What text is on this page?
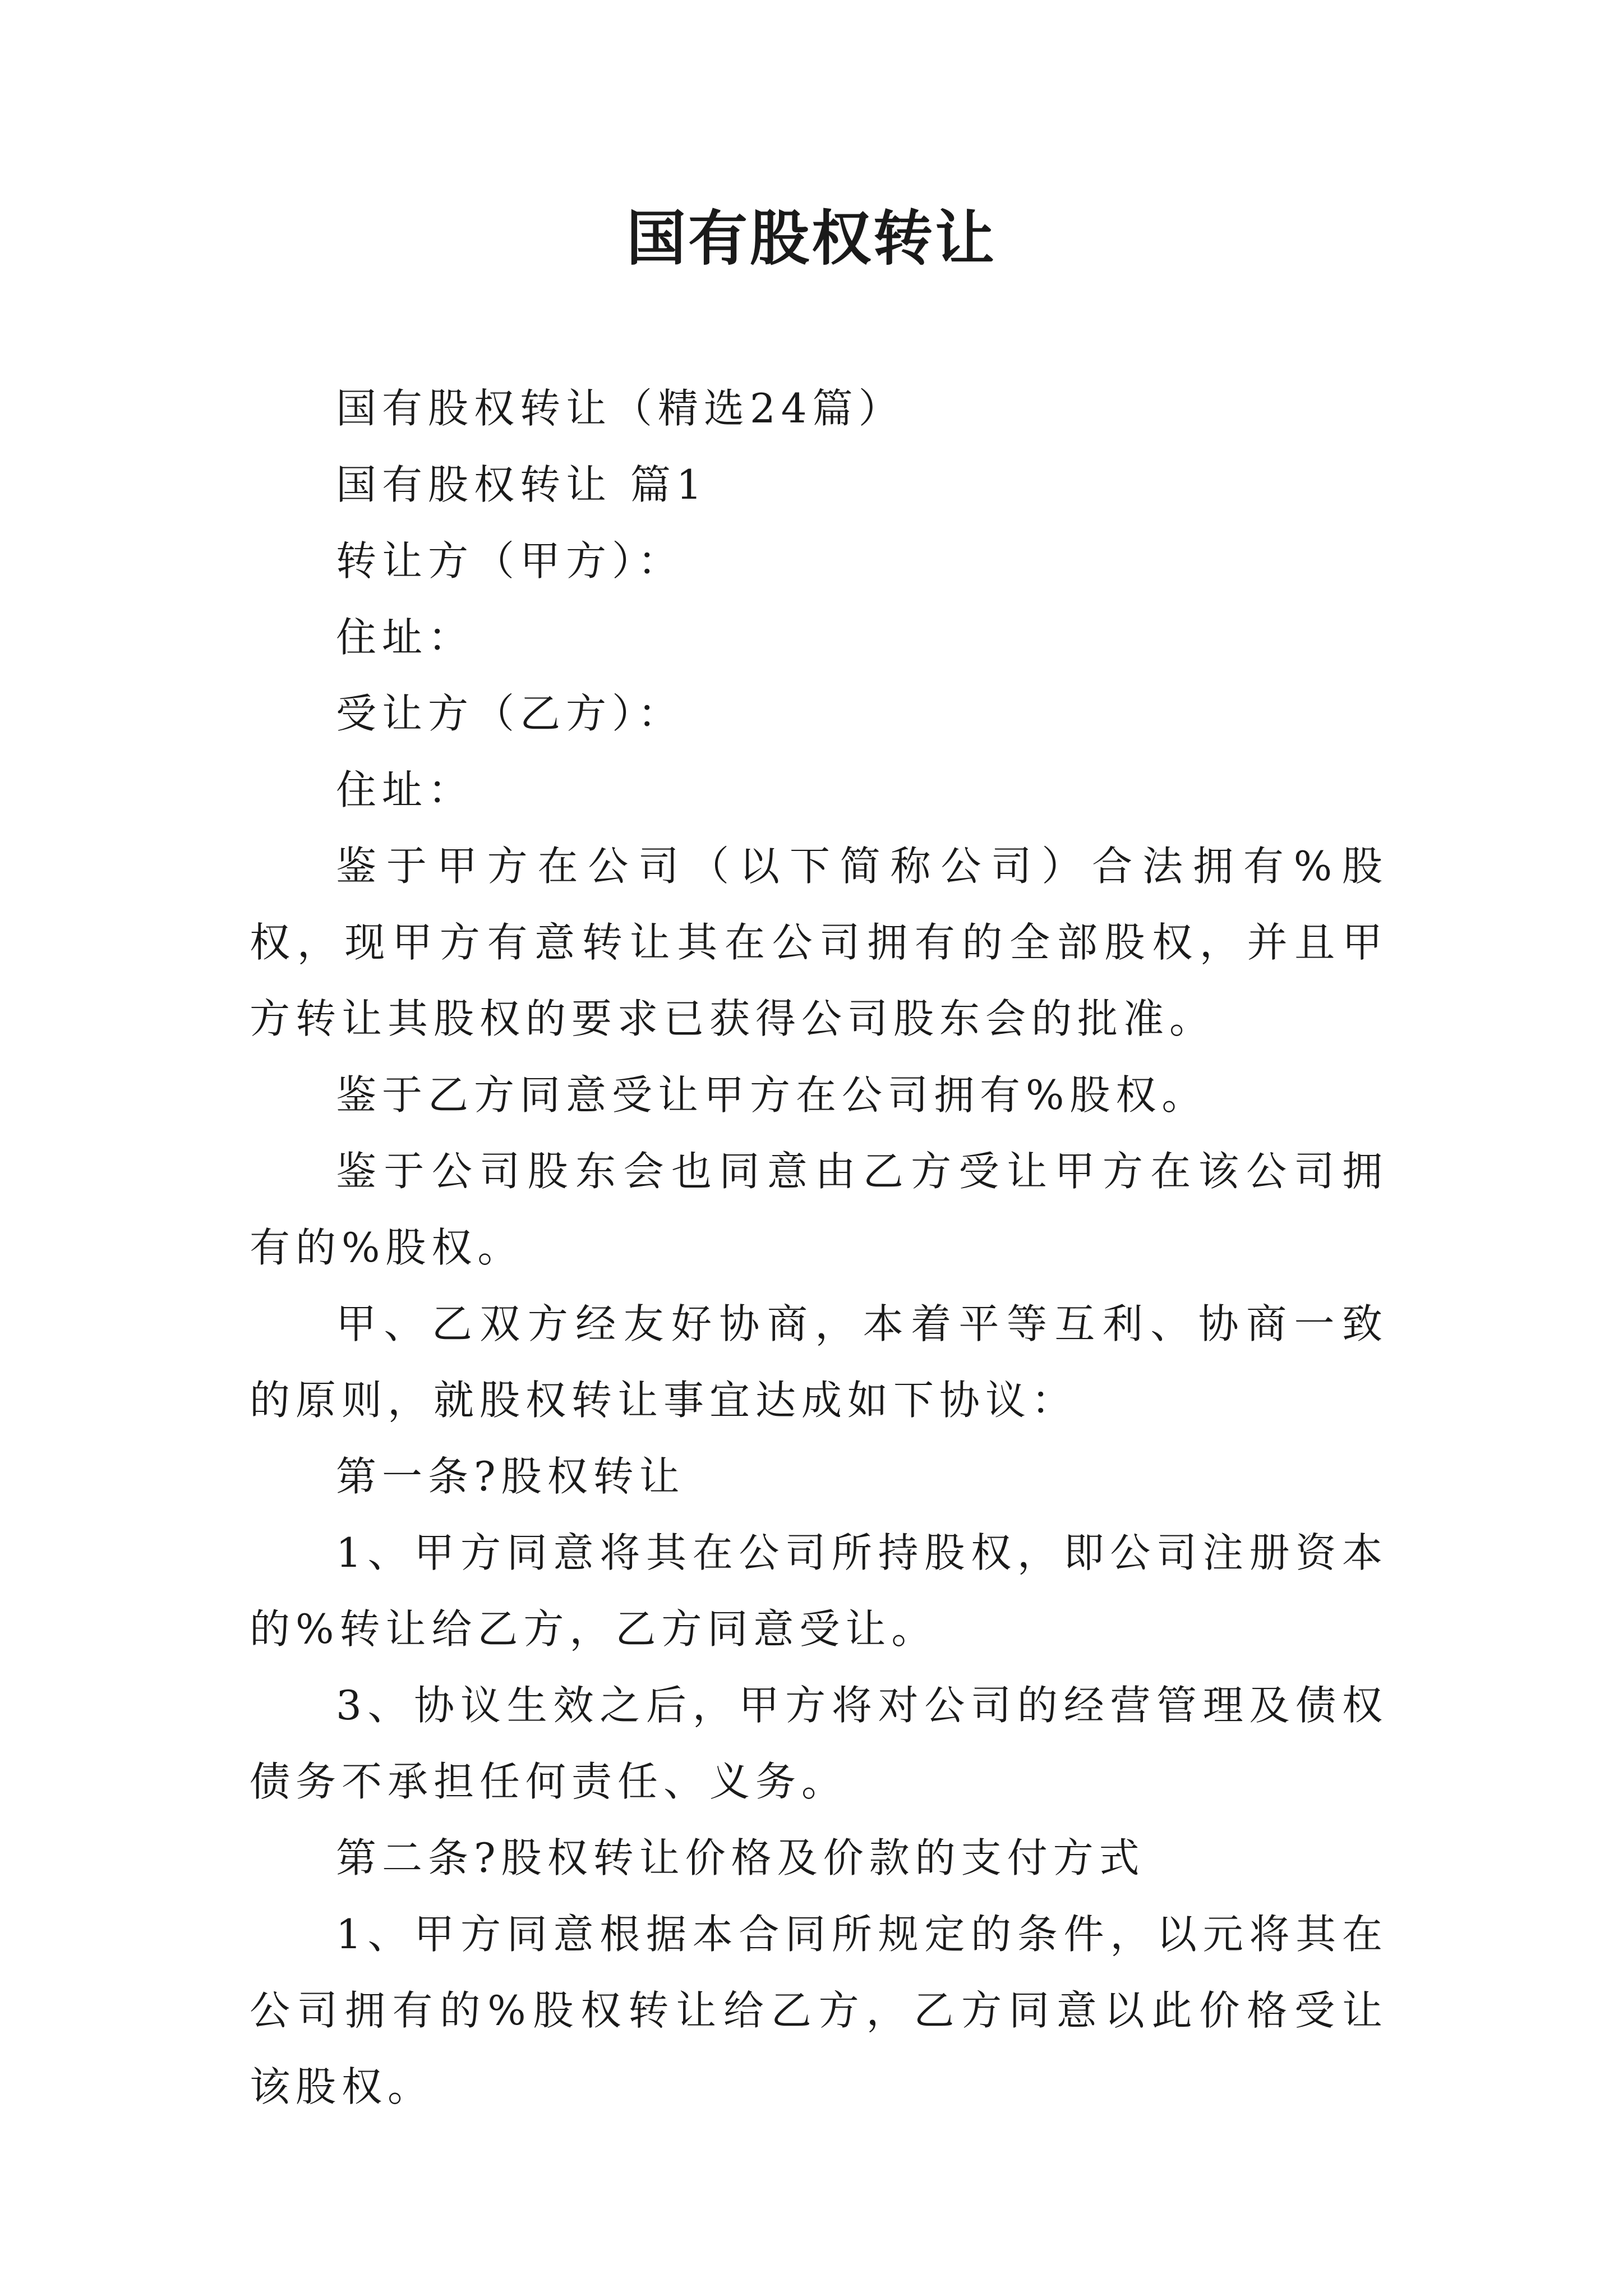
国有股权转让

国有股权转让（精选24篇）

国有股权转让 篇1

转让方（甲方）：

住址：

受让方（乙方）：

住址：

鉴于甲方在公司（以下简称公司）合法拥有%股权，现甲方有意转让其在公司拥有的全部股权，并且甲方转让其股权的要求已获得公司股东会的批准。

鉴于乙方同意受让甲方在公司拥有%股权。

鉴于公司股东会也同意由乙方受让甲方在该公司拥有的%股权。

甲、乙双方经友好协商，本着平等互利、协商一致的原则，就股权转让事宜达成如下协议：

第一条?股权转让

1、甲方同意将其在公司所持股权，即公司注册资本的%转让给乙方，乙方同意受让。

3、协议生效之后，甲方将对公司的经营管理及债权债务不承担任何责任、义务。

第二条?股权转让价格及价款的支付方式

1、甲方同意根据本合同所规定的条件，以元将其在公司拥有的%股权转让给乙方，乙方同意以此价格受让该股权。
